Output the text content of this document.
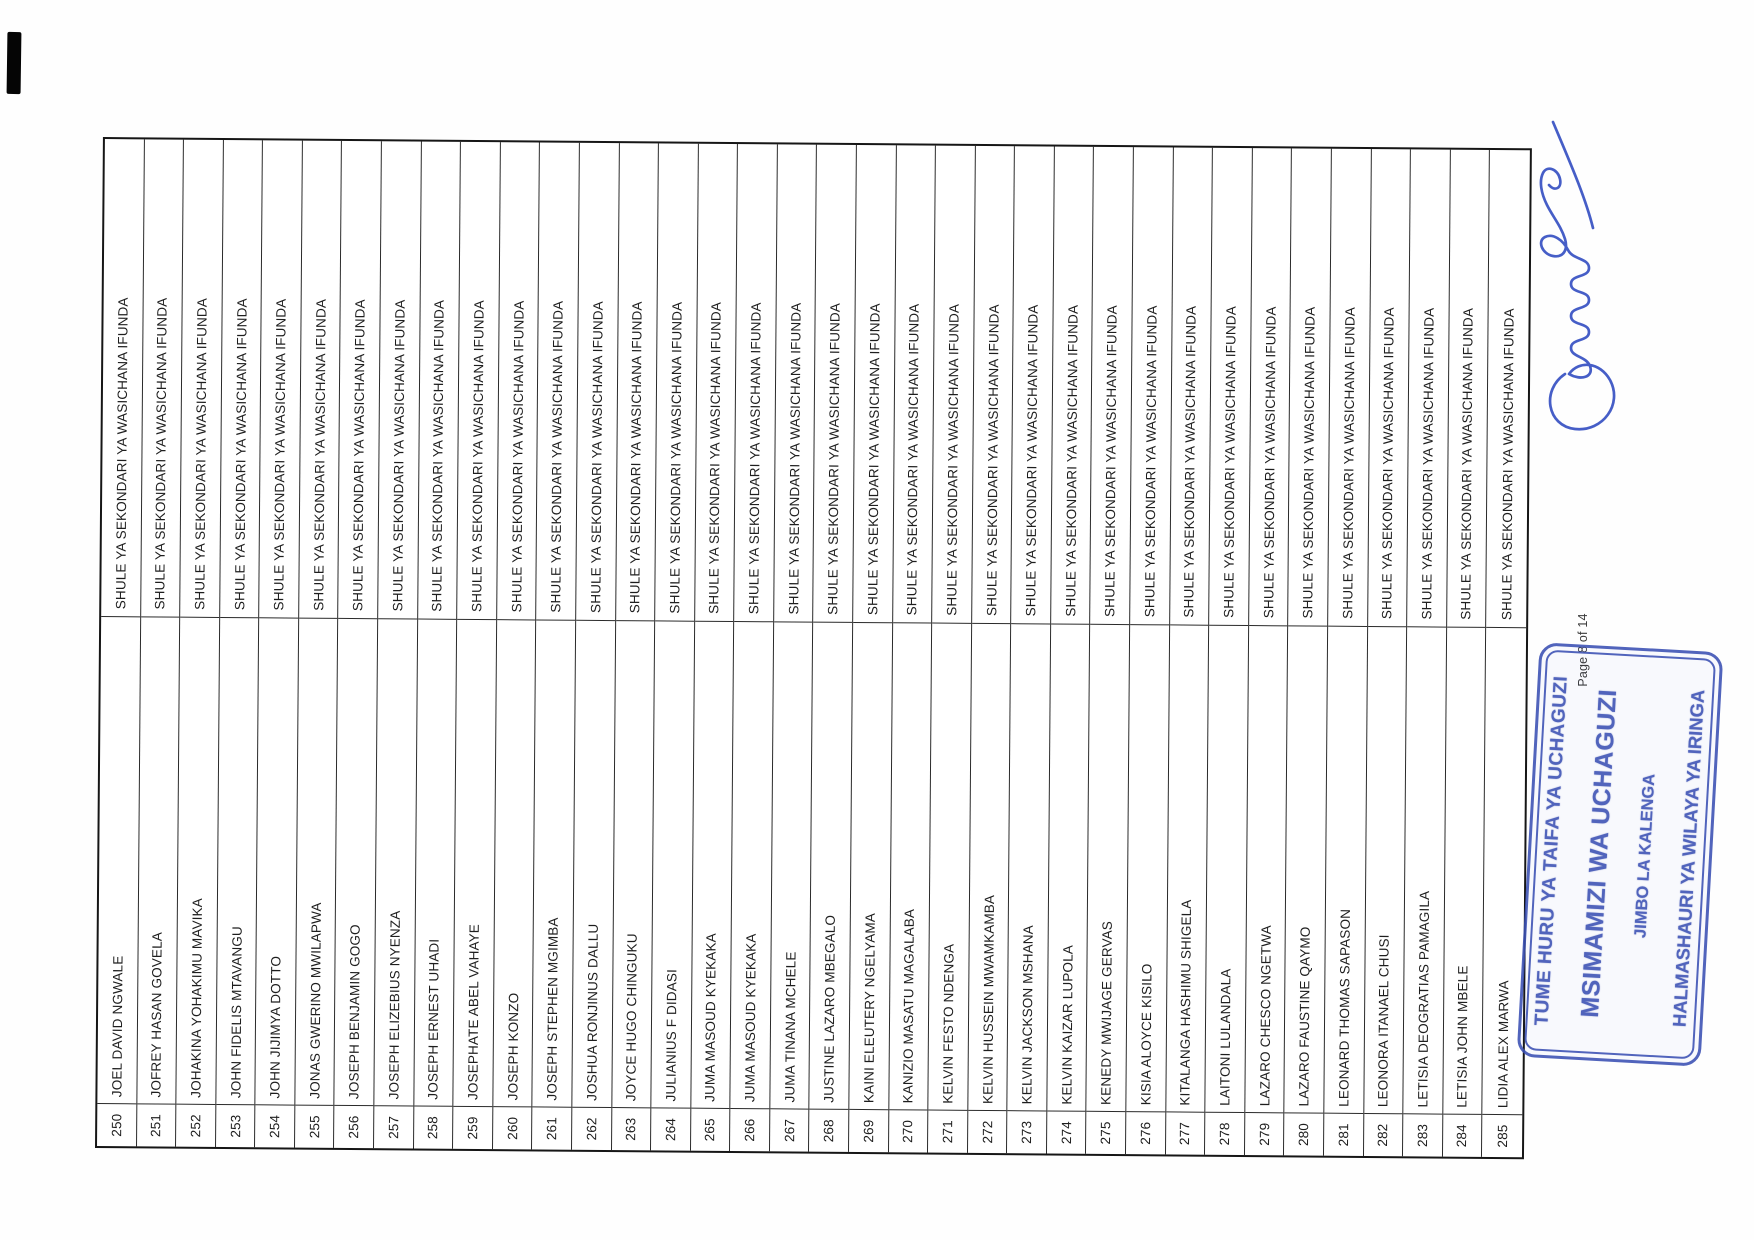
250
JOEL DAVID NGWALE
SHULE YA SEKONDARI YA WASICHANA IFUNDA
251
JOFREY HASAN GOVELA
SHULE YA SEKONDARI YA WASICHANA IFUNDA
252
JOHAKINA YOHAKIMU MAVIKA
SHULE YA SEKONDARI YA WASICHANA IFUNDA
253
JOHN FIDELIS MTAVANGU
SHULE YA SEKONDARI YA WASICHANA IFUNDA
254
JOHN JIJIMYA DOTTO
SHULE YA SEKONDARI YA WASICHANA IFUNDA
255
JONAS GWERINO MWILAPWA
SHULE YA SEKONDARI YA WASICHANA IFUNDA
256
JOSEPH BENJAMIN GOGO
SHULE YA SEKONDARI YA WASICHANA IFUNDA
257
JOSEPH ELIZEBIUS NYENZA
SHULE YA SEKONDARI YA WASICHANA IFUNDA
258
JOSEPH ERNEST UHADI
SHULE YA SEKONDARI YA WASICHANA IFUNDA
259
JOSEPHATE ABEL VAHAYE
SHULE YA SEKONDARI YA WASICHANA IFUNDA
260
JOSEPH KONZO
SHULE YA SEKONDARI YA WASICHANA IFUNDA
261
JOSEPH STEPHEN MGIMBA
SHULE YA SEKONDARI YA WASICHANA IFUNDA
262
JOSHUA RONJINUS DALLU
SHULE YA SEKONDARI YA WASICHANA IFUNDA
263
JOYCE HUGO CHINGUKU
SHULE YA SEKONDARI YA WASICHANA IFUNDA
264
JULIANIUS F DIDASI
SHULE YA SEKONDARI YA WASICHANA IFUNDA
265
JUMA MASOUD KYEKAKA
SHULE YA SEKONDARI YA WASICHANA IFUNDA
266
JUMA MASOUD KYEKAKA
SHULE YA SEKONDARI YA WASICHANA IFUNDA
267
JUMA TINANA MCHELE
SHULE YA SEKONDARI YA WASICHANA IFUNDA
268
JUSTINE LAZARO MBEGALO
SHULE YA SEKONDARI YA WASICHANA IFUNDA
269
KAINI ELEUTERY NGELYAMA
SHULE YA SEKONDARI YA WASICHANA IFUNDA
270
KANIZIO MASATU MAGALABA
SHULE YA SEKONDARI YA WASICHANA IFUNDA
271
KELVIN FESTO NDENGA
SHULE YA SEKONDARI YA WASICHANA IFUNDA
272
KELVIN HUSSEIN MWAMKAMBA
SHULE YA SEKONDARI YA WASICHANA IFUNDA
273
KELVIN JACKSON MSHANA
SHULE YA SEKONDARI YA WASICHANA IFUNDA
274
KELVIN KAIZAR LUPOLA
SHULE YA SEKONDARI YA WASICHANA IFUNDA
275
KENEDY MWIJAGE GERVAS
SHULE YA SEKONDARI YA WASICHANA IFUNDA
276
KISIA ALOYCE KISILO
SHULE YA SEKONDARI YA WASICHANA IFUNDA
277
KITALANGA HASHIMU SHIGELA
SHULE YA SEKONDARI YA WASICHANA IFUNDA
278
LAITONI LULANDALA
SHULE YA SEKONDARI YA WASICHANA IFUNDA
279
LAZARO CHESCO NGETWA
SHULE YA SEKONDARI YA WASICHANA IFUNDA
280
LAZARO FAUSTINE QAYMO
SHULE YA SEKONDARI YA WASICHANA IFUNDA
281
LEONARD THOMAS SAPASON
SHULE YA SEKONDARI YA WASICHANA IFUNDA
282
LEONORA ITANAEL CHUSI
SHULE YA SEKONDARI YA WASICHANA IFUNDA
283
LETISIA DEOGRATIAS PAMAGILA
SHULE YA SEKONDARI YA WASICHANA IFUNDA
284
LETISIA JOHN MBELE
SHULE YA SEKONDARI YA WASICHANA IFUNDA
285
LIDIA ALEX MARWA
SHULE YA SEKONDARI YA WASICHANA IFUNDA
Page 8 of 14
TUME HURU YA TAIFA YA UCHAGUZI MSIMAMIZI WA UCHAGUZI JIMBO LA KALENGA HALMASHAURI YA WILAYA YA IRINGA
